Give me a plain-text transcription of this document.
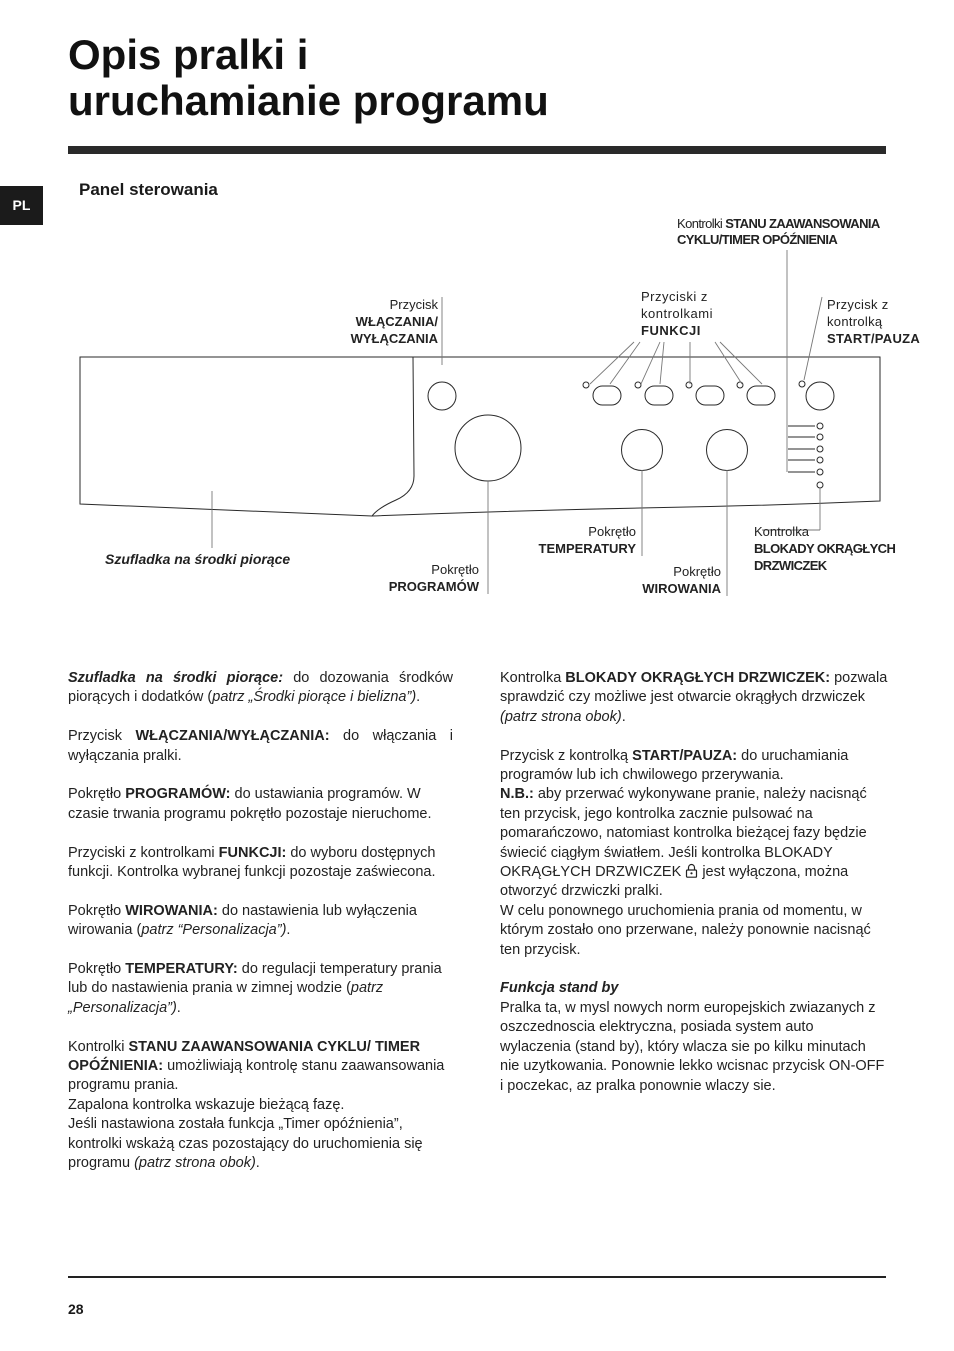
Opis pralki i
uruchamianie programu
PL
Panel sterowania
Kontrolki STANU ZAAWANSOWANIA
CYKLU/TIMER OPÓŹNIENIA
Przycisk
WŁĄCZANIA/
WYŁĄCZANIA
Przyciski z
kontrolkami
FUNKCJI
Przycisk z
kontrolką
START/PAUZA
Szufladka na środki piorące
Pokrętło
PROGRAMÓW
Pokrętło
TEMPERATURY
Pokrętło
WIROWANIA
Kontrolka
BLOKADY OKRĄGŁYCH
DRZWICZEK

Szufladka na środki piorące: do dozowania środków piorących i dodatków (patrz „Środki piorące i bielizna”).

Przycisk WŁĄCZANIA/WYŁĄCZANIA: do włączania i wyłączania pralki.

Pokrętło PROGRAMÓW: do ustawiania programów. W czasie trwania programu pokrętło pozostaje nieruchome.

Przyciski z kontrolkami FUNKCJI: do wyboru dostępnych funkcji. Kontrolka wybranej funkcji pozostaje zaświecona.

Pokrętło WIROWANIA: do nastawienia lub wyłączenia wirowania (patrz “Personalizacja”).

Pokrętło TEMPERATURY: do regulacji temperatury prania lub do nastawienia prania w zimnej wodzie (patrz „Personalizacja”).

Kontrolki STANU ZAAWANSOWANIA CYKLU/ TIMER OPÓŹNIENIA: umożliwiają kontrolę stanu zaawansowania programu prania.
Zapalona kontrolka wskazuje bieżącą fazę.
Jeśli nastawiona została funkcja „Timer opóźnienia”, kontrolki wskażą czas pozostający do uruchomienia się programu (patrz strona obok).

Kontrolka BLOKADY OKRĄGŁYCH DRZWICZEK: pozwala sprawdzić czy możliwe jest otwarcie okrągłych drzwiczek (patrz strona obok).

Przycisk z kontrolką START/PAUZA: do uruchamiania programów lub ich chwilowego przerywania.
N.B.: aby przerwać wykonywane pranie, należy nacisnąć ten przycisk, jego kontrolka zacznie pulsować na pomarańczowo, natomiast kontrolka bieżącej fazy będzie świecić ciągłym światłem. Jeśli kontrolka BLOKADY OKRĄGŁYCH DRZWICZEK  jest wyłączona, można otworzyć drzwiczki pralki.
W celu ponownego uruchomienia prania od momentu, w którym zostało ono przerwane, należy ponownie nacisnąć ten przycisk.

Funkcja stand by
Pralka ta, w mysl nowych norm europejskich zwiazanych z oszczednoscia elektryczna, posiada system auto wylaczenia (stand by), który wlacza sie po kilku minutach nie uzytkowania. Ponownie lekko wcisnac przycisk ON-OFF i poczekac, az pralka ponownie wlaczy sie.

28
